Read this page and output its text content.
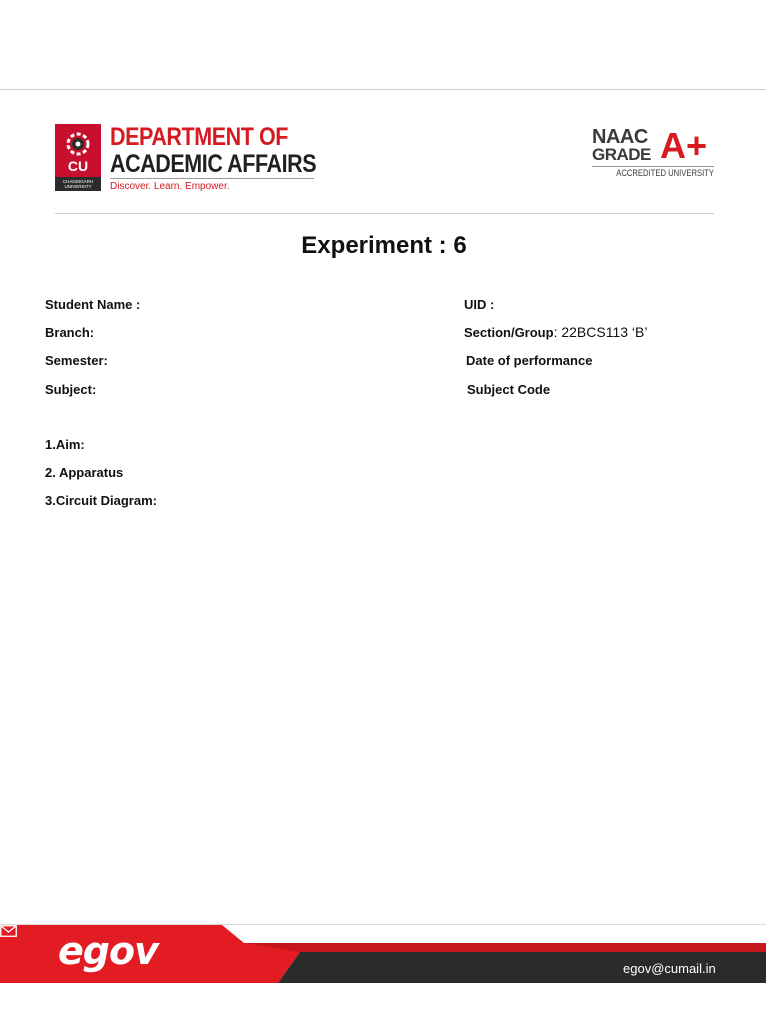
CU
CHANDIGARH UNIVERSITY
DEPARTMENT OF
ACADEMIC AFFAIRS
Discover. Learn. Empower.
NAAC
GRADE A+
ACCREDITED UNIVERSITY
Experiment : 6
Student Name :
Branch:
Semester:
Subject:
UID :
Section/Group: 22BCS113 ‘B’
Date of performance
Subject Code
1.Aim:
2. Apparatus
3.Circuit Diagram:
egov	egov@cumail.in
